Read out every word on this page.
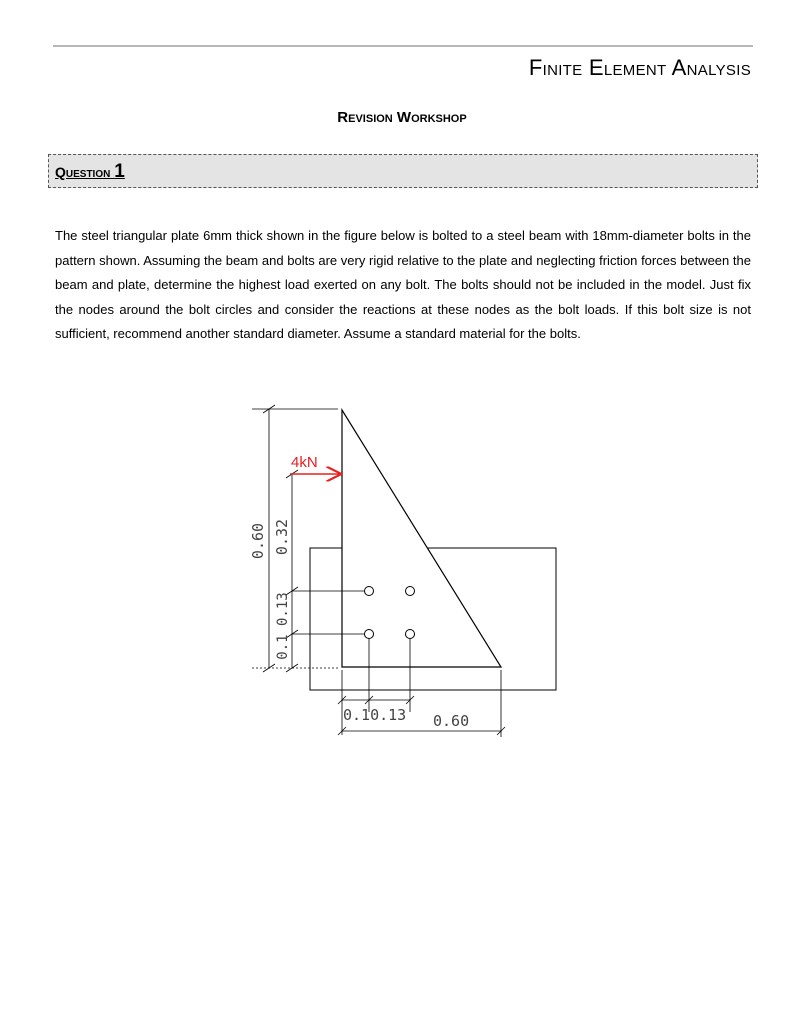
Finite Element Analysis
Revision Workshop
Question 1

The steel triangular plate 6mm thick shown in the figure below is bolted to a steel beam with 18mm-diameter bolts in the pattern shown. Assuming the beam and bolts are very rigid relative to the plate and neglecting friction forces between the beam and plate, determine the highest load exerted on any bolt. The bolts should not be included in the model. Just fix the nodes around the bolt circles and consider the reactions at these nodes as the bolt loads. If this bolt size is not sufficient, recommend another standard diameter. Assume a standard material for the bolts.

4kN
0.60 0.32
0.1 0.13
0.10.13 0.60
